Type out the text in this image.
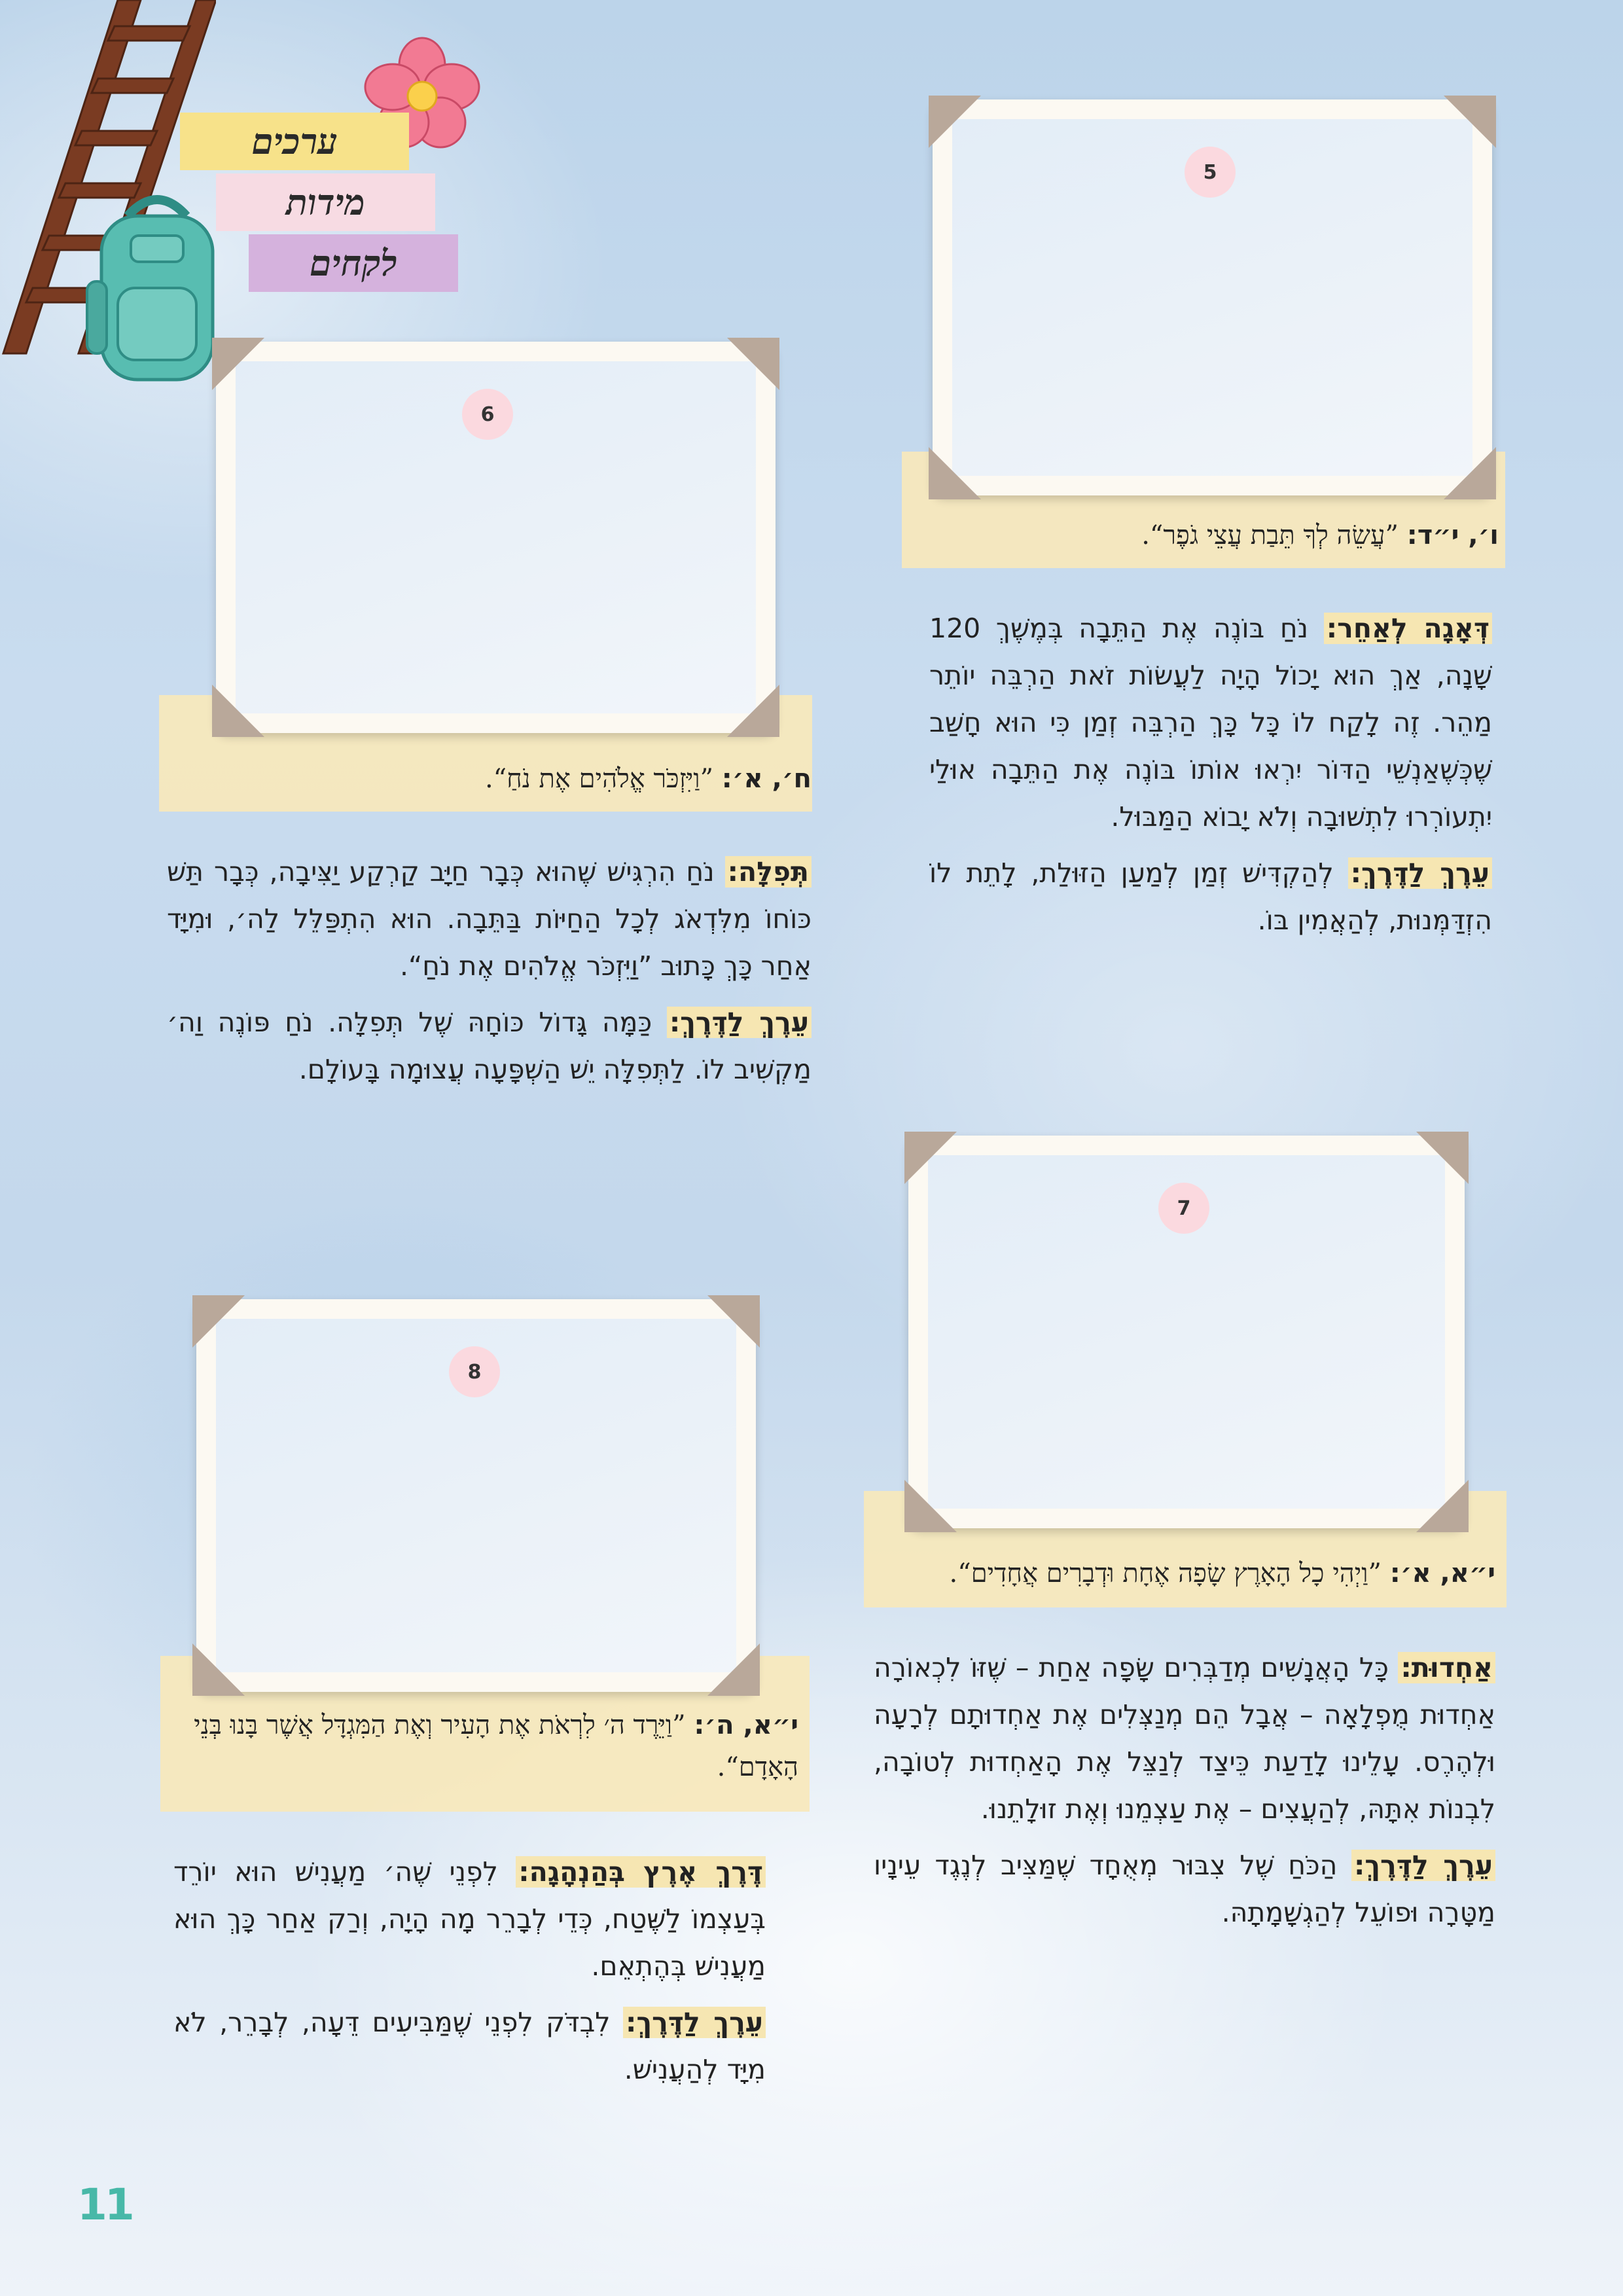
ערכים
מידות
לקחים
5
ו׳, י״ד: ”עֲשֵׂה לְךָ תֵּבַת עֲצֵי גֹפֶר“.

דְּאָגָה לְאַחֵר: נֹחַ בּוֹנֶה אֶת הַתֵּבָה בְּמֶשֶׁךְ 120 שָׁנָה, אַךְ הוּא יָכוֹל הָיָה לַעֲשׂוֹת זֹאת הַרְבֵּה יוֹתֵר מַהֵר. זֶה לָקַח לוֹ כָּל כָּךְ הַרְבֵּה זְמַן כִּי הוּא חָשַׁב שֶׁכְּשֶׁאַנְשֵׁי הַדּוֹר יִרְאוּ אוֹתוֹ בּוֹנֶה אֶת הַתֵּבָה אוּלַי יִתְעוֹרְרוּ לִתְשׁוּבָה וְלֹא יָבוֹא הַמַּבּוּל.

עֵרֶךְ לַדֶּרֶךְ: לְהַקְדִּישׁ זְמַן לְמַעַן הַזּוּלַת, לָתֵת לוֹ הִזְדַּמְּנוּת, לְהַאֲמִין בּוֹ.

6
ח׳, א׳: ”וַיִּזְכֹּר אֱלֹהִים אֶת נֹחַ“.

תְּפִלָּה: נֹחַ הִרְגִּישׁ שֶׁהוּא כְּבָר חַיָּב קַרְקַע יַצִּיבָה, כְּבָר תַּשׁ כּוֹחוֹ מִלִּדְאֹג לְכָל הַחַיּוֹת בַּתֵּבָה. הוּא הִתְפַּלֵּל לַה׳, וּמִיָּד אַחַר כָּךְ כָּתוּב ”וַיִּזְכֹּר אֱלֹהִים אֶת נֹחַ“.

עֵרֶךְ לַדֶּרֶךְ: כַּמָּה גָּדוֹל כּוֹחָהּ שֶׁל תְּפִלָּה. נֹחַ פּוֹנֶה וַה׳ מַקְשִׁיב לוֹ. לַתְּפִלָּה יֵשׁ הַשְׁפָּעָה עֲצוּמָה בָּעוֹלָם.

7
י״א, א׳: ”וַיְהִי כָל הָאָרֶץ שָׂפָה אֶחָת וּדְבָרִים אֲחָדִים“.

אַחְדוּת: כָּל הָאֲנָשִׁים מְדַבְּרִים שָׂפָה אַחַת – שֶׁזּוֹ לִכְאוֹרָה אַחְדוּת מֻפְלָאָה – אֲבָל הֵם מְנַצְּלִים אֶת אַחְדוּתָם לְרָעָה וּלְהֶרֶס. עָלֵינוּ לָדַעַת כֵּיצַד לְנַצֵּל אֶת הָאַחְדוּת לְטוֹבָה, לִבְנוֹת אִתָּהּ, לְהַעֲצִים – אֶת עַצְמֵנוּ וְאֶת זוּלָתֵנוּ.

עֵרֶךְ לַדֶּרֶךְ: הַכֹּחַ שֶׁל צִבּוּר מְאֻחָד שֶׁמַּצִּיב לְנֶגֶד עֵינָיו מַטָּרָה וּפוֹעֵל לְהַגְשָׁמָתָהּ.

8
י״א, ה׳: ”וַיֵּרֶד ה׳ לִרְאֹת אֶת הָעִיר וְאֶת הַמִּגְדָּל אֲשֶׁר בָּנוּ בְּנֵי הָאָדָם“.

דֶּרֶךְ אֶרֶץ בְּהַנְהָגָה: לִפְנֵי שֶׁה׳ מַעֲנִישׁ הוּא יוֹרֵד בְּעַצְמוֹ לַשֶּׁטַח, כְּדֵי לְבָרֵר מָה הָיָה, וְרַק אַחַר כָּךְ הוּא מַעֲנִישׁ בְּהֶתְאֵם.

עֵרֶךְ לַדֶּרֶךְ: לִבְדֹּק לִפְנֵי שֶׁמַּבִּיעִים דֵּעָה, לְבָרֵר, לֹא מִיָּד לְהַעֲנִישׁ.

11
